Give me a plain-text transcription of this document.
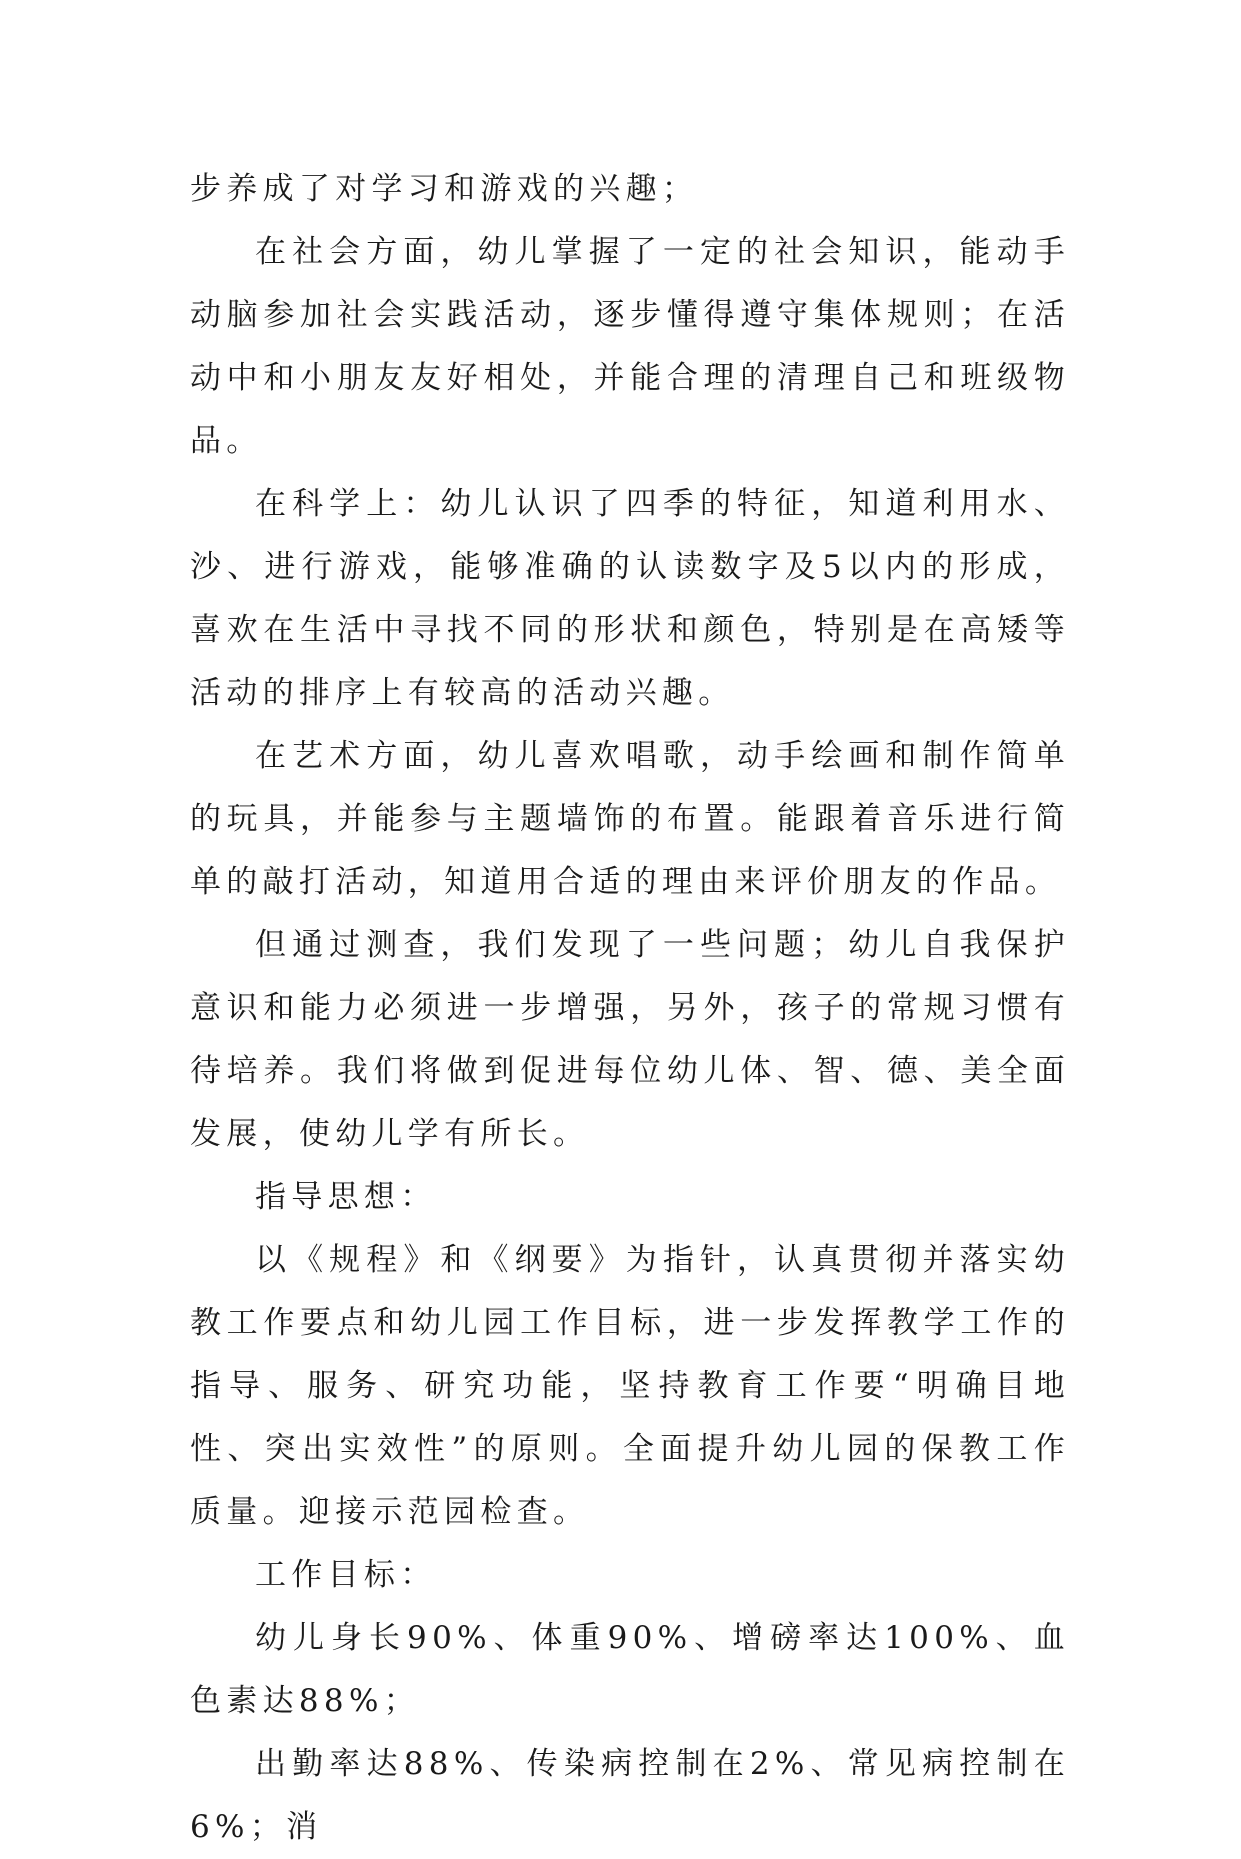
步养成了对学习和游戏的兴趣；

在社会方面，幼儿掌握了一定的社会知识，能动手动脑参加社会实践活动，逐步懂得遵守集体规则；在活动中和小朋友友好相处，并能合理的清理自己和班级物品。

在科学上：幼儿认识了四季的特征，知道利用水、沙、进行游戏，能够准确的认读数字及5以内的形成，喜欢在生活中寻找不同的形状和颜色，特别是在高矮等活动的排序上有较高的活动兴趣。

在艺术方面，幼儿喜欢唱歌，动手绘画和制作简单的玩具，并能参与主题墙饰的布置。能跟着音乐进行简单的敲打活动，知道用合适的理由来评价朋友的作品。

但通过测查，我们发现了一些问题；幼儿自我保护意识和能力必须进一步增强，另外，孩子的常规习惯有待培养。我们将做到促进每位幼儿体、智、德、美全面发展，使幼儿学有所长。

指导思想：

以《规程》和《纲要》为指针，认真贯彻并落实幼教工作要点和幼儿园工作目标，进一步发挥教学工作的指导、服务、研究功能，坚持教育工作要“明确目地性、突出实效性”的原则。全面提升幼儿园的保教工作质量。迎接示范园检查。

工作目标：

幼儿身长90%、体重90%、增磅率达100%、血色素达88%；

出勤率达88%、传染病控制在2%、常见病控制在6%；消
